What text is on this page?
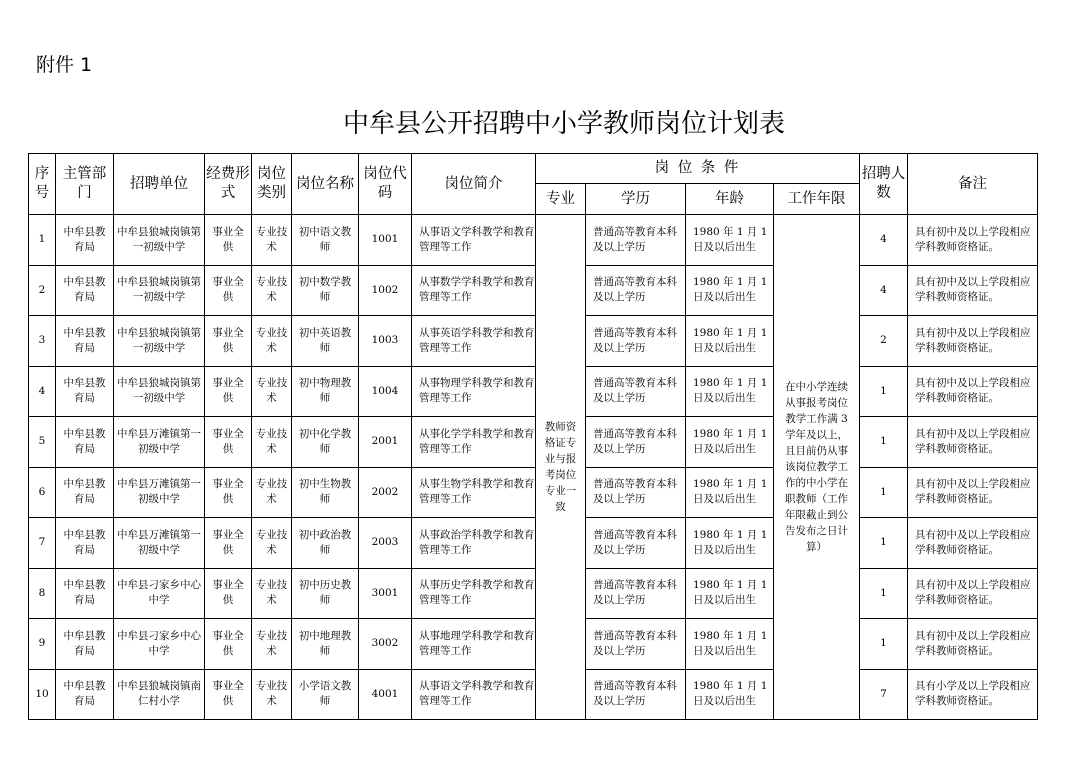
附件 1
中牟县公开招聘中小学教师岗位计划表
序号	主管部门	招聘单位	经费形式	岗位类别	岗位名称	岗位代码	岗位简介	岗 位 条 件				招聘人数	备注
								专业	学历	年龄	工作年限		
1	中牟县教育局	中牟县狼城岗镇第一初级中学	事业全供	专业技术	初中语文教师	1001	从事语文学科教学和教育管理等工作	教师资格证专业与报考岗位专业一致	普通高等教育本科及以上学历	1980 年 1 月 1 日及以后出生	在中小学连续从事报考岗位教学工作满 3 学年及以上，且目前仍从事该岗位教学工作的中小学在职教师（工作年限截止到公告发布之日计算）	4	具有初中及以上学段相应学科教师资格证。
2	中牟县教育局	中牟县狼城岗镇第一初级中学	事业全供	专业技术	初中数学教师	1002	从事数学学科教学和教育管理等工作		普通高等教育本科及以上学历	1980 年 1 月 1 日及以后出生		4	具有初中及以上学段相应学科教师资格证。
3	中牟县教育局	中牟县狼城岗镇第一初级中学	事业全供	专业技术	初中英语教师	1003	从事英语学科教学和教育管理等工作		普通高等教育本科及以上学历	1980 年 1 月 1 日及以后出生		2	具有初中及以上学段相应学科教师资格证。
4	中牟县教育局	中牟县狼城岗镇第一初级中学	事业全供	专业技术	初中物理教师	1004	从事物理学科教学和教育管理等工作		普通高等教育本科及以上学历	1980 年 1 月 1 日及以后出生		1	具有初中及以上学段相应学科教师资格证。
5	中牟县教育局	中牟县万滩镇第一初级中学	事业全供	专业技术	初中化学教师	2001	从事化学学科教学和教育管理等工作		普通高等教育本科及以上学历	1980 年 1 月 1 日及以后出生		1	具有初中及以上学段相应学科教师资格证。
6	中牟县教育局	中牟县万滩镇第一初级中学	事业全供	专业技术	初中生物教师	2002	从事生物学科教学和教育管理等工作		普通高等教育本科及以上学历	1980 年 1 月 1 日及以后出生		1	具有初中及以上学段相应学科教师资格证。
7	中牟县教育局	中牟县万滩镇第一初级中学	事业全供	专业技术	初中政治教师	2003	从事政治学科教学和教育管理等工作		普通高等教育本科及以上学历	1980 年 1 月 1 日及以后出生		1	具有初中及以上学段相应学科教师资格证。
8	中牟县教育局	中牟县刁家乡中心中学	事业全供	专业技术	初中历史教师	3001	从事历史学科教学和教育管理等工作		普通高等教育本科及以上学历	1980 年 1 月 1 日及以后出生		1	具有初中及以上学段相应学科教师资格证。
9	中牟县教育局	中牟县刁家乡中心中学	事业全供	专业技术	初中地理教师	3002	从事地理学科教学和教育管理等工作		普通高等教育本科及以上学历	1980 年 1 月 1 日及以后出生		1	具有初中及以上学段相应学科教师资格证。
10	中牟县教育局	中牟县狼城岗镇南仁村小学	事业全供	专业技术	小学语文教师	4001	从事语文学科教学和教育管理等工作		普通高等教育本科及以上学历	1980 年 1 月 1 日及以后出生		7	具有小学及以上学段相应学科教师资格证。
